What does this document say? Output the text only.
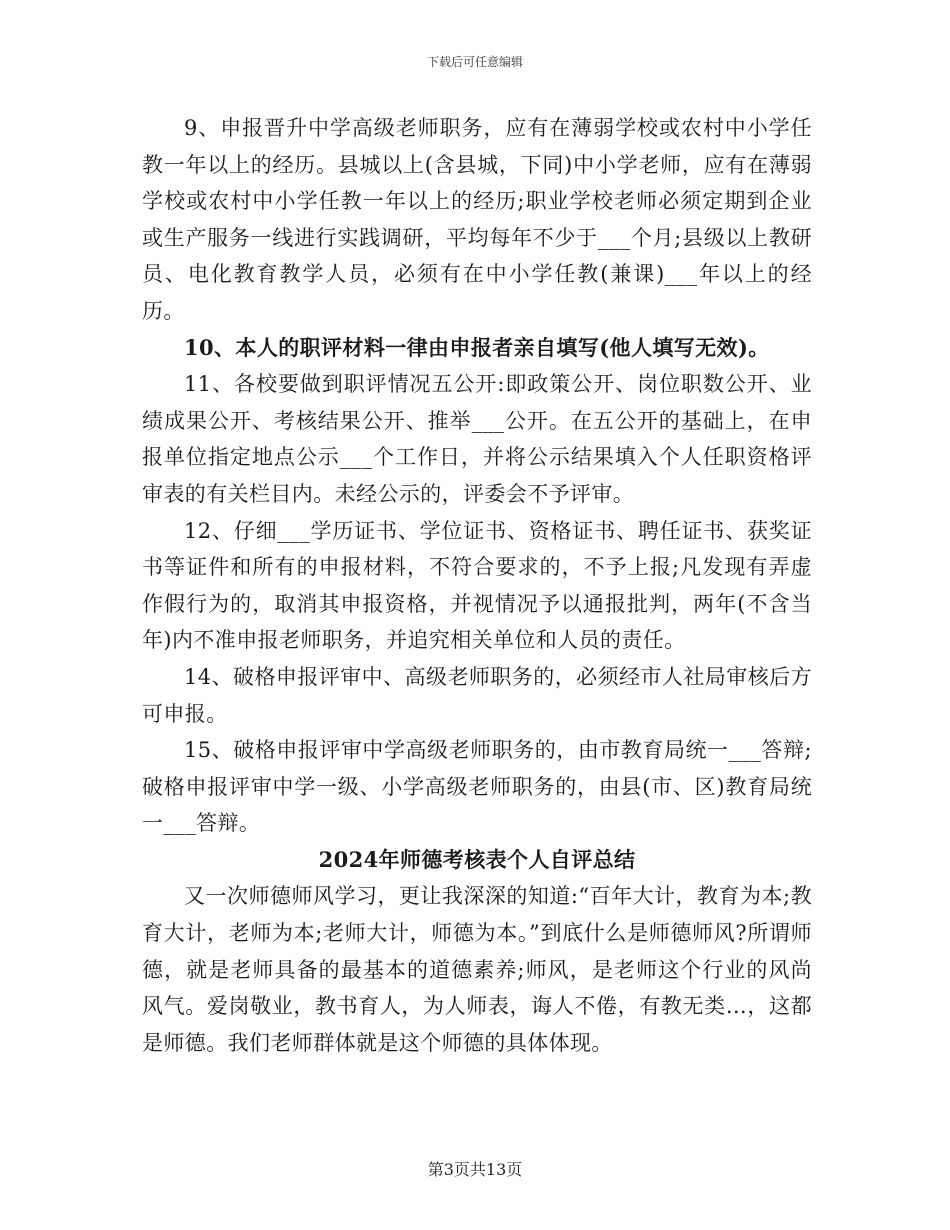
下载后可任意编辑

9、申报晋升中学高级老师职务，应有在薄弱学校或农村中小学任教一年以上的经历。县城以上(含县城，下同)中小学老师，应有在薄弱学校或农村中小学任教一年以上的经历;职业学校老师必须定期到企业或生产服务一线进行实践调研，平均每年不少于___个月;县级以上教研员、电化教育教学人员，必须有在中小学任教(兼课)___年以上的经历。

10、本人的职评材料一律由申报者亲自填写(他人填写无效)。

11、各校要做到职评情况五公开:即政策公开、岗位职数公开、业绩成果公开、考核结果公开、推举___公开。在五公开的基础上，在申报单位指定地点公示___个工作日，并将公示结果填入个人任职资格评审表的有关栏目内。未经公示的，评委会不予评审。

12、仔细___学历证书、学位证书、资格证书、聘任证书、获奖证书等证件和所有的申报材料，不符合要求的，不予上报;凡发现有弄虚作假行为的，取消其申报资格，并视情况予以通报批判，两年(不含当年)内不准申报老师职务，并追究相关单位和人员的责任。

14、破格申报评审中、高级老师职务的，必须经市人社局审核后方可申报。

15、破格申报评审中学高级老师职务的，由市教育局统一___答辩;破格申报评审中学一级、小学高级老师职务的，由县(市、区)教育局统一___答辩。

2024年师德考核表个人自评总结

又一次师德师风学习，更让我深深的知道:“百年大计，教育为本;教育大计，老师为本;老师大计，师德为本。”到底什么是师德师风?所谓师德，就是老师具备的最基本的道德素养;师风，是老师这个行业的风尚风气。爱岗敬业，教书育人，为人师表，诲人不倦，有教无类…，这都是师德。我们老师群体就是这个师德的具体体现。

第3页共13页
